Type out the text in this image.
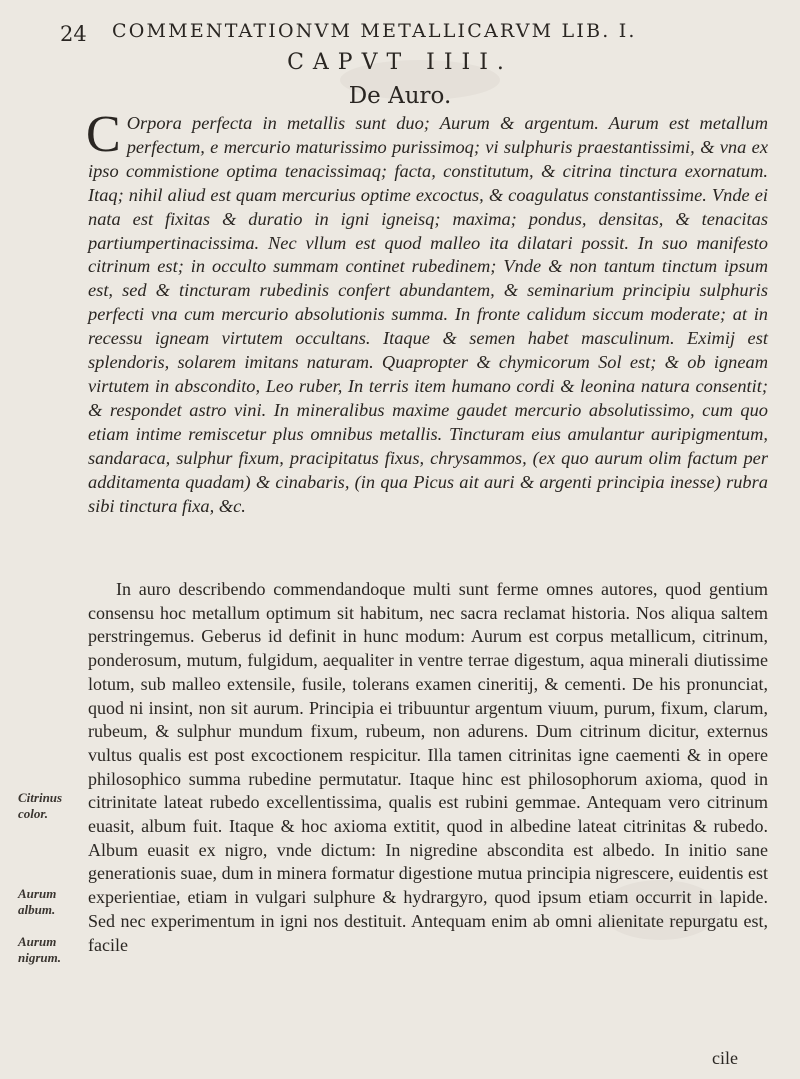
24 COMMENTATIONVM METALLICARVM LIB. I.
CAPVT IIII.
De Auro.
C Orpora perfecta in metallis sunt duo; Aurum & argentum. Aurum est metallum perfectum, e mercurio maturissimo purissimoq; vi sulphuris praestantissimi, & vna ex ipso commistione optima tenacissimaq; facta, constitutum, & citrina tinctura exornatum. Itaq; nihil aliud est quam mercurius optime excoctus, & coagulatus constantissime. Vnde ei nata est fixitas & duratio in igni igneisq; maxima; pondus, densitas, & tenacitas partiumpertinacissima. Nec vllum est quod malleo ita dilatari possit. In suo manifesto citrinum est; in occulto summam continet rubedinem; Vnde & non tantum tinctum ipsum est, sed & tincturam rubedinis confert abundantem, & seminarium principiu sulphuris perfecti vna cum mercurio absolutionis summa. In fronte calidum siccum moderate; at in recessu igneam virtutem occultans. Itaque & semen habet masculinum. Eximij est splendoris, solarem imitans naturam. Quapropter & chymicorum Sol est; & ob igneam virtutem in abscondito, Leo ruber, In terris item humano cordi & leonina natura consentit; & respondet astro vini. In mineralibus maxime gaudet mercurio absolutissimo, cum quo etiam intime remiscetur plus omnibus metallis. Tincturam eius amulantur auripigmentum, sandaraca, sulphur fixum, pracipitatus fixus, chrysammos, (ex quo aurum olim factum per additamenta quadam) & cinabaris, (in qua Picus ait auri & argenti principia inesse) rubra sibi tinctura fixa, &c.

In auro describendo commendandoque multi sunt ferme omnes autores, quod gentium consensu hoc metallum optimum sit habitum, nec sacra reclamat historia. Nos aliqua saltem perstringemus. Geberus id definit in hunc modum: Aurum est corpus metallicum, citrinum, ponderosum, mutum, fulgidum, aequaliter in ventre terrae digestum, aqua minerali diutissime lotum, sub malleo extensile, fusile, tolerans examen cineritij, & cementi. De his pronunciat, quod ni insint, non sit aurum. Principia ei tribuuntur argentum viuum, purum, fixum, clarum, rubeum, & sulphur mundum fixum, rubeum, non adurens. Dum citrinum dicitur, externus vultus qualis est post excoctionem respicitur. Illa tamen citrinitas igne caementi & in opere philosophico summa rubedine permutatur. Itaque hinc est philosophorum axioma, quod in citrinitate lateat rubedo excellentissima, qualis est rubini gemmae. Antequam vero citrinum euasit, album fuit. Itaque & hoc axioma extitit, quod in albedine lateat citrinitas & rubedo. Album euasit ex nigro, vnde dictum: In nigredine abscondita est albedo. In initio sane generationis suae, dum in minera formatur digestione mutua principia nigrescere, euidentis est experientiae, etiam in vulgari sulphure & hydrargyro, quod ipsum etiam occurrit in lapide. Sed nec experimentum in igni nos destituit. Antequam enim ab omni alienitate repurgatu est, facile

Citrinus color.
Aurum album.
Aurum nigrum.
cile
